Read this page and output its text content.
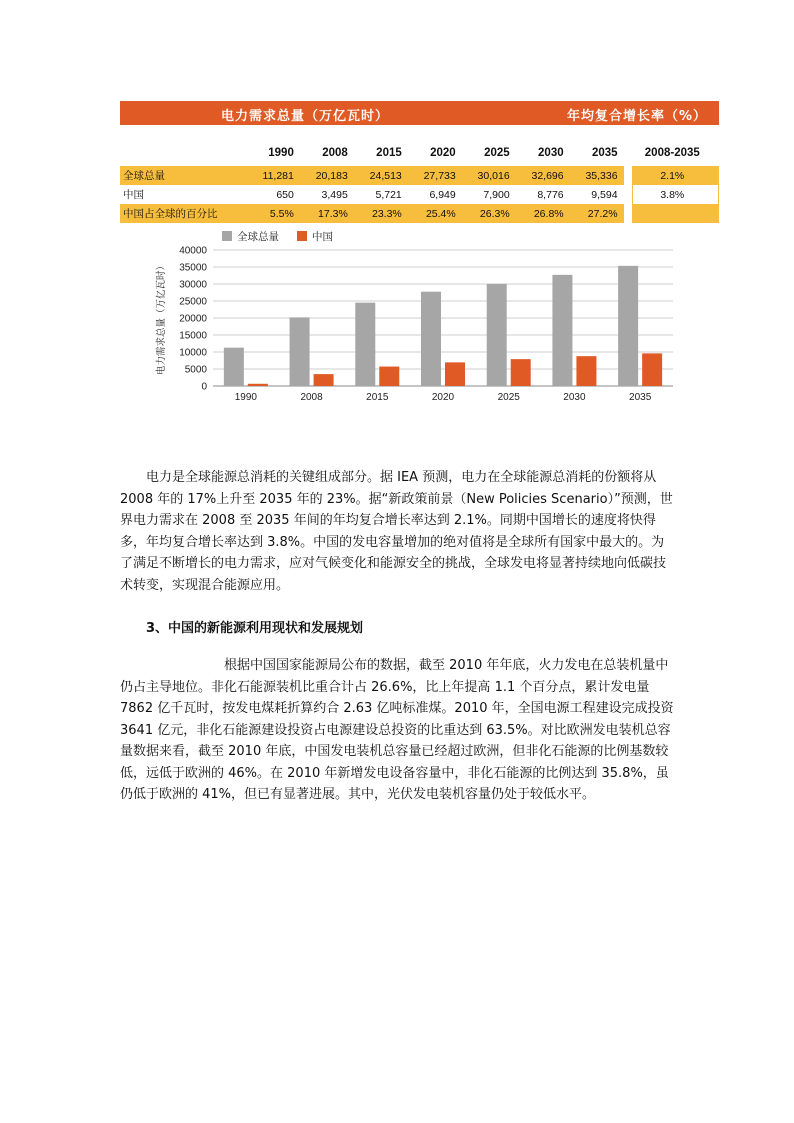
电力需求总量（万亿瓦时）	年均复合增长率（%）
	1990	2008	2015	2020	2025	2030	2035		2008-2035
全球总量	11,281	20,183	24,513	27,733	30,016	32,696	35,336		2.1%
中国	650	3,495	5,721	6,949	7,900	8,776	9,594		3.8%
中国占全球的百分比	5.5%	17.3%	23.3%	25.4%	26.3%	26.8%	27.2%		
0
5000
10000
15000
20000
25000
30000
35000
40000
1990	2008	2015	2020	2025	2030	2035
电力需求总量（万亿瓦时）
全球总量	中国
电力是全球能源总消耗的关键组成部分。据 IEA 预测，电力在全球能源总消耗的份额将从 2008 年的 17%上升至 2035 年的 23%。据“新政策前景（New Policies Scenario）”预测，世界电力需求在 2008 至 2035 年间的年均复合增长率达到 2.1%。同期中国增长的速度将快得多，年均复合增长率达到 3.8%。中国的发电容量增加的绝对值将是全球所有国家中最大的。为了满足不断增长的电力需求，应对气候变化和能源安全的挑战，全球发电将显著持续地向低碳技术转变，实现混合能源应用。
3、中国的新能源利用现状和发展规划
根据中国国家能源局公布的数据，截至 2010 年年底，火力发电在总装机量中仍占主导地位。非化石能源装机比重合计占 26.6%，比上年提高 1.1 个百分点，累计发电量 7862 亿千瓦时，按发电煤耗折算约合 2.63 亿吨标准煤。2010 年，全国电源工程建设完成投资 3641 亿元，非化石能源建设投资占电源建设总投资的比重达到 63.5%。对比欧洲发电装机总容量数据来看，截至 2010 年底，中国发电装机总容量已经超过欧洲，但非化石能源的比例基数较低，远低于欧洲的 46%。在 2010 年新增发电设备容量中，非化石能源的比例达到 35.8%，虽仍低于欧洲的 41%，但已有显著进展。其中，光伏发电装机容量仍处于较低水平。
